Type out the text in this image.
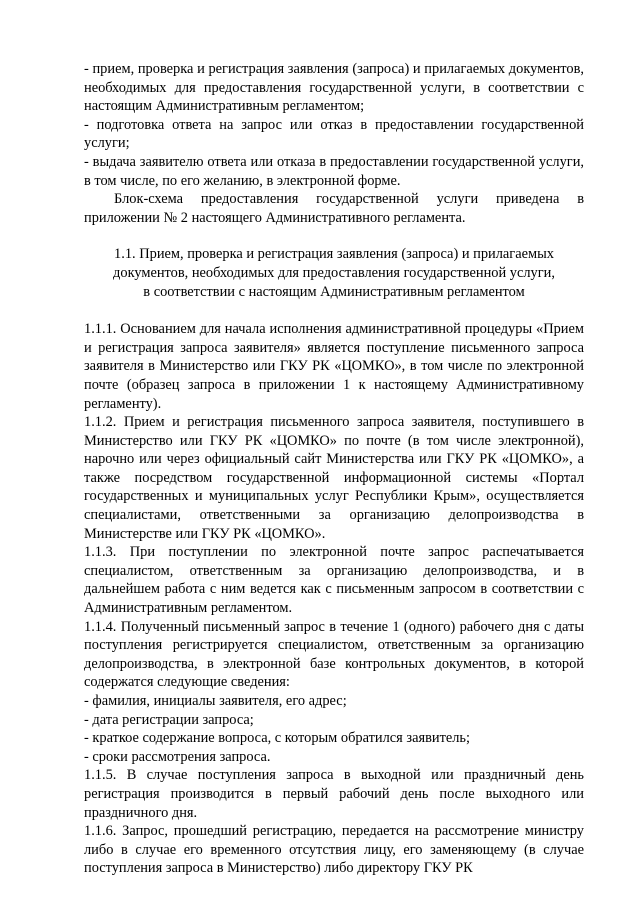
- прием, проверка и регистрация заявления (запроса) и прилагаемых документов, необходимых для предоставления государственной услуги, в соответствии с настоящим Административным регламентом;

- подготовка ответа на запрос или отказ в предоставлении государственной услуги;

- выдача заявителю ответа или отказа в предоставлении государственной услуги, в том числе, по его желанию, в электронной форме.

Блок-схема предоставления государственной услуги приведена в приложении № 2 настоящего Административного регламента.

1.1. Прием, проверка и регистрация заявления (запроса) и прилагаемых
документов, необходимых для предоставления государственной услуги,
в соответствии с настоящим Административным регламентом

1.1.1. Основанием для начала исполнения административной процедуры «Прием и регистрация запроса заявителя» является поступление письменного запроса заявителя в Министерство или ГКУ РК «ЦОМКО», в том числе по электронной почте (образец запроса в приложении 1 к настоящему Административному регламенту).

1.1.2. Прием и регистрация письменного запроса заявителя, поступившего в Министерство или ГКУ РК «ЦОМКО» по почте (в том числе электронной), нарочно или через официальный сайт Министерства или ГКУ РК «ЦОМКО», а также посредством государственной информационной системы «Портал государственных и муниципальных услуг Республики Крым», осуществляется специалистами, ответственными за организацию делопроизводства в Министерстве или ГКУ РК «ЦОМКО».

1.1.3. При поступлении по электронной почте запрос распечатывается специалистом, ответственным за организацию делопроизводства, и в дальнейшем работа с ним ведется как с письменным запросом в соответствии с Административным регламентом.

1.1.4. Полученный письменный запрос в течение 1 (одного) рабочего дня с даты поступления регистрируется специалистом, ответственным за организацию делопроизводства, в электронной базе контрольных документов, в которой содержатся следующие сведения:

- фамилия, инициалы заявителя, его адрес;

- дата регистрации запроса;

- краткое содержание вопроса, с которым обратился заявитель;

- сроки рассмотрения запроса.

1.1.5. В случае поступления запроса в выходной или праздничный день регистрация производится в первый рабочий день после выходного или праздничного дня.

1.1.6. Запрос, прошедший регистрацию, передается на рассмотрение министру либо в случае его временного отсутствия лицу, его заменяющему (в случае поступления запроса в Министерство) либо директору ГКУ РК
